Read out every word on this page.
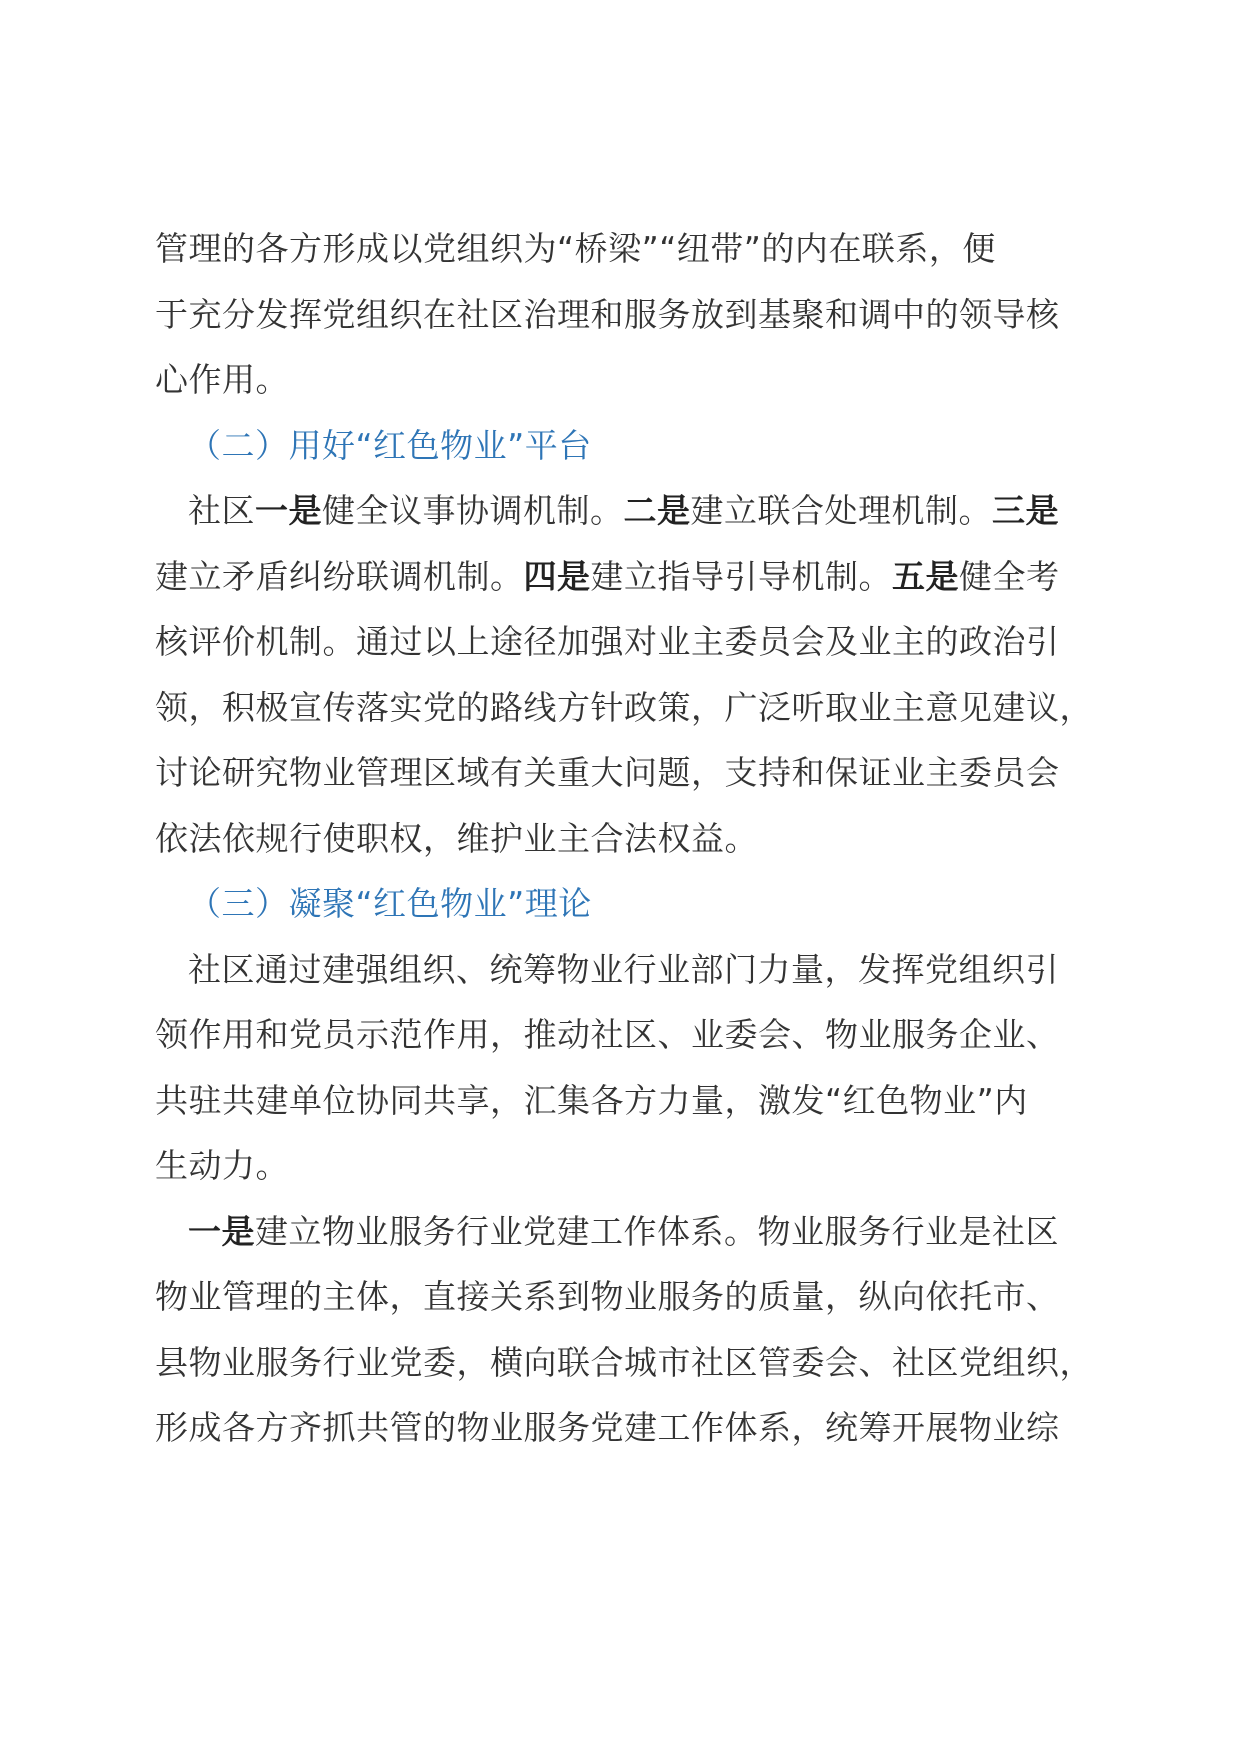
管理的各方形成以党组织为“桥梁”“纽带”的内在联系，便
于充分发挥党组织在社区治理和服务放到基聚和调中的领导核
心作用。
（二）用好“红色物业”平台
社区一是健全议事协调机制。二是建立联合处理机制。三是
建立矛盾纠纷联调机制。四是建立指导引导机制。五是健全考
核评价机制。通过以上途径加强对业主委员会及业主的政治引
领，积极宣传落实党的路线方针政策，广泛听取业主意见建议，
讨论研究物业管理区域有关重大问题，支持和保证业主委员会
依法依规行使职权，维护业主合法权益。
（三）凝聚“红色物业”理论
社区通过建强组织、统筹物业行业部门力量，发挥党组织引
领作用和党员示范作用，推动社区、业委会、物业服务企业、
共驻共建单位协同共享，汇集各方力量，激发“红色物业”内
生动力。
一是建立物业服务行业党建工作体系。物业服务行业是社区
物业管理的主体，直接关系到物业服务的质量，纵向依托市、
县物业服务行业党委，横向联合城市社区管委会、社区党组织，
形成各方齐抓共管的物业服务党建工作体系，统筹开展物业综
